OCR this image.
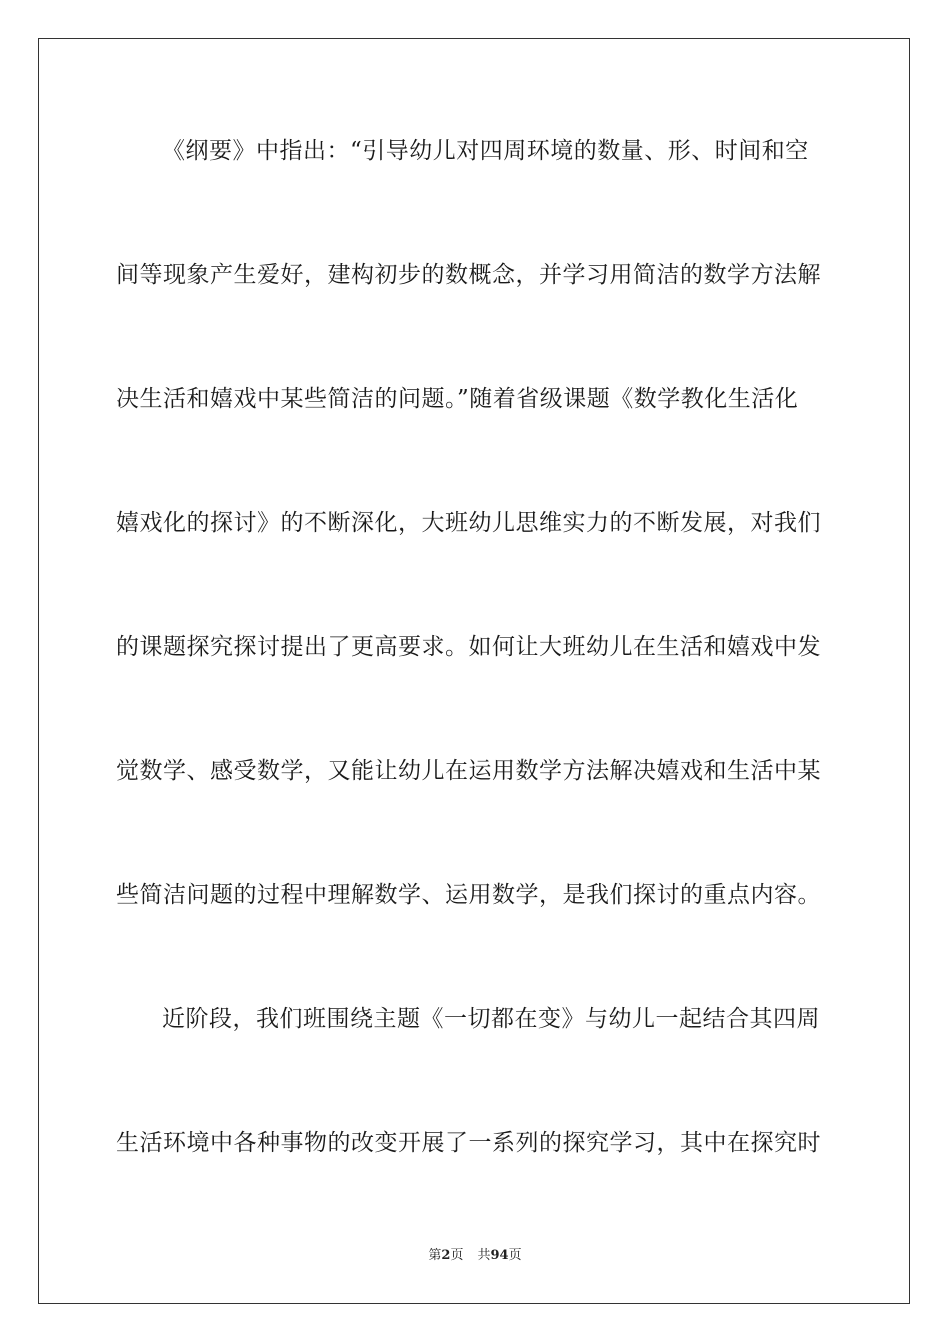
《纲要》中指出：“引导幼儿对四周环境的数量、形、时间和空
间等现象产生爱好，建构初步的数概念，并学习用简洁的数学方法解
决生活和嬉戏中某些简洁的问题。”随着省级课题《数学教化生活化
嬉戏化的探讨》的不断深化，大班幼儿思维实力的不断发展，对我们
的课题探究探讨提出了更高要求。如何让大班幼儿在生活和嬉戏中发
觉数学、感受数学，又能让幼儿在运用数学方法解决嬉戏和生活中某
些简洁问题的过程中理解数学、运用数学，是我们探讨的重点内容。
近阶段，我们班围绕主题《一切都在变》与幼儿一起结合其四周
生活环境中各种事物的改变开展了一系列的探究学习，其中在探究时
第2页 共94页
